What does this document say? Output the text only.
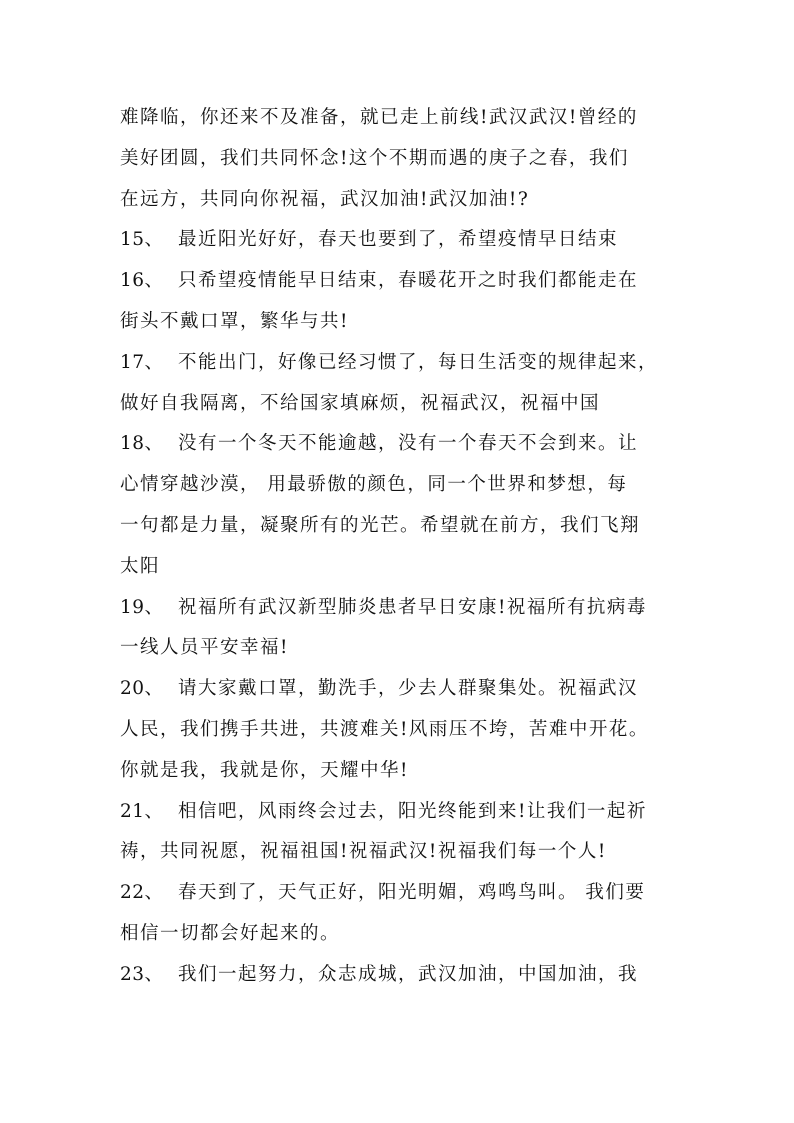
难降临，你还来不及准备，就已走上前线!武汉武汉!曾经的
美好团圆，我们共同怀念!这个不期而遇的庚子之春，我们
在远方，共同向你祝福，武汉加油!武汉加油!?
15、 最近阳光好好，春天也要到了，希望疫情早日结束
16、 只希望疫情能早日结束，春暖花开之时我们都能走在
街头不戴口罩，繁华与共!
17、 不能出门，好像已经习惯了，每日生活变的规律起来，
做好自我隔离，不给国家填麻烦，祝福武汉，祝福中国
18、 没有一个冬天不能逾越，没有一个春天不会到来。让
心情穿越沙漠， 用最骄傲的颜色，同一个世界和梦想，每
一句都是力量，凝聚所有的光芒。希望就在前方，我们飞翔
太阳
19、 祝福所有武汉新型肺炎患者早日安康!祝福所有抗病毒
一线人员平安幸福!
20、 请大家戴口罩，勤洗手，少去人群聚集处。祝福武汉
人民，我们携手共进，共渡难关!风雨压不垮，苦难中开花。
你就是我，我就是你，天耀中华!
21、 相信吧，风雨终会过去，阳光终能到来!让我们一起祈
祷，共同祝愿，祝福祖国!祝福武汉!祝福我们每一个人!
22、 春天到了，天气正好，阳光明媚，鸡鸣鸟叫。 我们要
相信一切都会好起来的。
23、 我们一起努力，众志成城，武汉加油，中国加油，我
